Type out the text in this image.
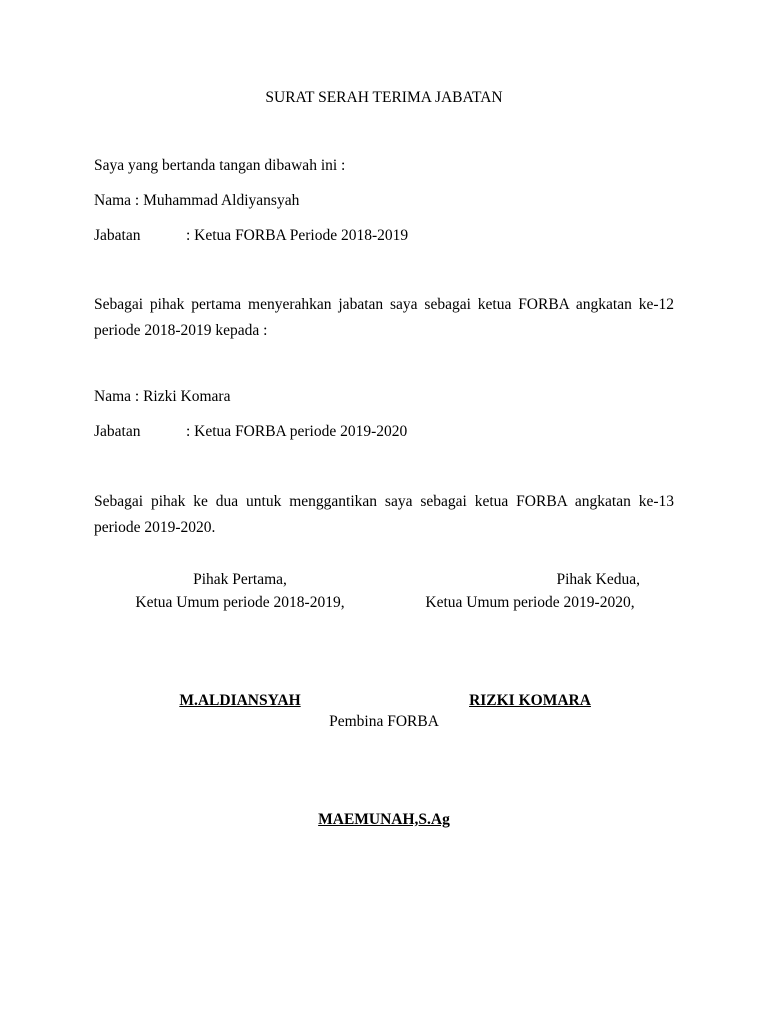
SURAT SERAH TERIMA JABATAN
Saya yang bertanda tangan dibawah ini :
Nama : Muhammad Aldiyansyah
Jabatan	: Ketua FORBA Periode 2018-2019
Sebagai pihak pertama menyerahkan jabatan saya sebagai ketua FORBA angkatan ke-12 periode 2018-2019 kepada :
Nama : Rizki Komara
Jabatan	: Ketua FORBA periode 2019-2020
Sebagai pihak ke dua untuk menggantikan saya sebagai ketua FORBA angkatan ke-13 periode 2019-2020.
Pihak Pertama,
Ketua Umum periode 2018-2019,
Pihak Kedua,
Ketua Umum periode 2019-2020,
M.ALDIANSYAH	RIZKI KOMARA
Pembina FORBA
MAEMUNAH,S.Ag
